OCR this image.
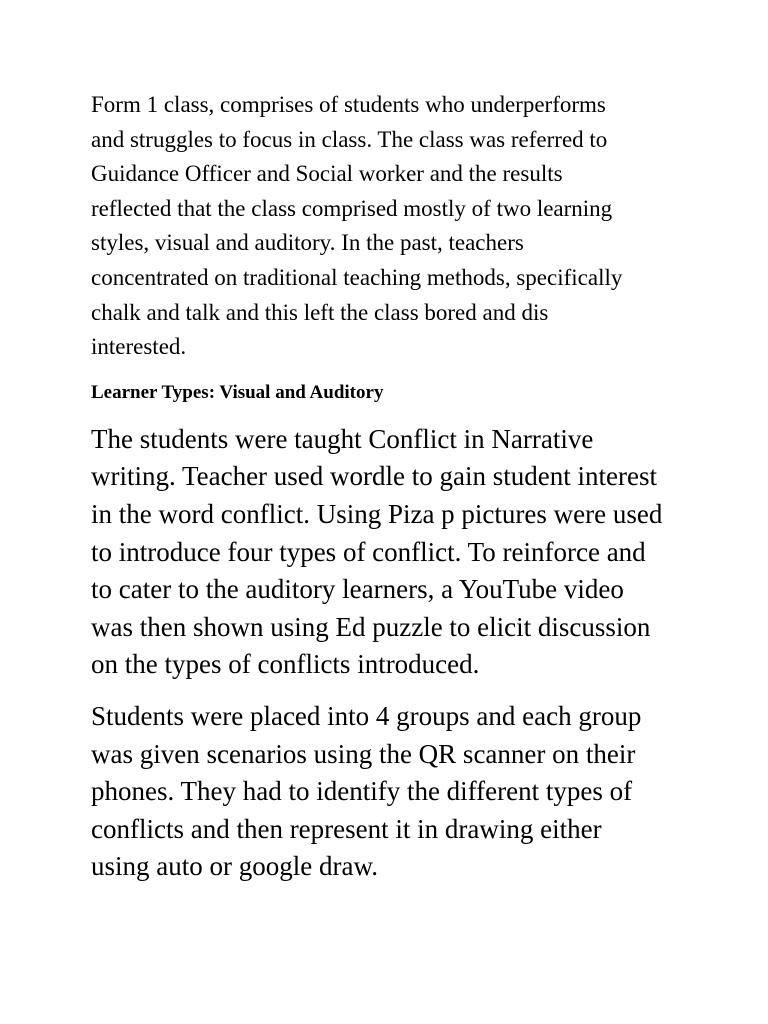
Form 1 class, comprises of students who underperforms
and struggles to focus in class. The class was referred to
Guidance Officer and Social worker and the results
reflected that the class comprised mostly of two learning
styles, visual and auditory. In the past, teachers
concentrated on traditional teaching methods, specifically
chalk and talk and this left the class bored and dis
interested.

Learner Types: Visual and Auditory

The students were taught Conflict in Narrative
writing. Teacher used wordle to gain student interest
in the word conflict. Using Piza p pictures were used
to introduce four types of conflict. To reinforce and
to cater to the auditory learners, a YouTube video
was then shown using Ed puzzle to elicit discussion
on the types of conflicts introduced.

Students were placed into 4 groups and each group
was given scenarios using the QR scanner on their
phones. They had to identify the different types of
conflicts and then represent it in drawing either
using auto or google draw.
